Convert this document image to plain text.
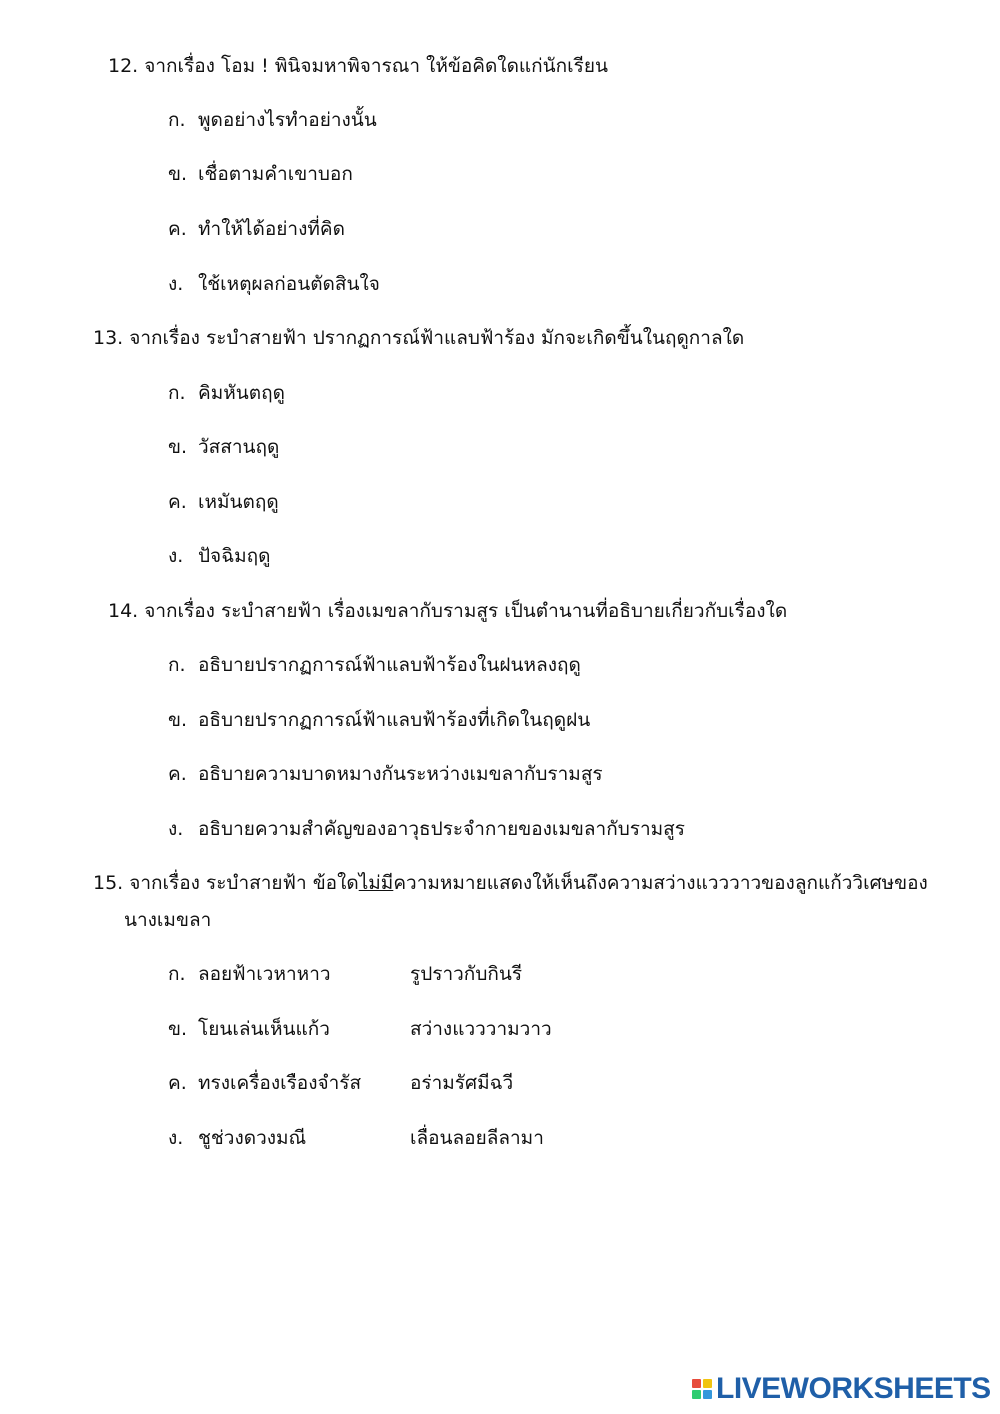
12. จากเรื่อง โอม ! พินิจมหาพิจารณา ให้ข้อคิดใดแก่นักเรียน
ก. พูดอย่างไรทำอย่างนั้น
ข. เชื่อตามคำเขาบอก
ค. ทำให้ได้อย่างที่คิด
ง. ใช้เหตุผลก่อนตัดสินใจ
13. จากเรื่อง ระบำสายฟ้า ปรากฏการณ์ฟ้าแลบฟ้าร้อง มักจะเกิดขึ้นในฤดูกาลใด
ก. คิมหันตฤดู
ข. วัสสานฤดู
ค. เหมันตฤดู
ง. ปัจฉิมฤดู
14. จากเรื่อง ระบำสายฟ้า เรื่องเมขลากับรามสูร เป็นตำนานที่อธิบายเกี่ยวกับเรื่องใด
ก. อธิบายปรากฏการณ์ฟ้าแลบฟ้าร้องในฝนหลงฤดู
ข. อธิบายปรากฏการณ์ฟ้าแลบฟ้าร้องที่เกิดในฤดูฝน
ค. อธิบายความบาดหมางกันระหว่างเมขลากับรามสูร
ง. อธิบายความสำคัญของอาวุธประจำกายของเมขลากับรามสูร
15. จากเรื่อง ระบำสายฟ้า ข้อใดไม่มีความหมายแสดงให้เห็นถึงความสว่างแวววาวของลูกแก้ววิเศษของ
นางเมขลา
ก. ลอยฟ้าเวหาหาว	รูปราวกับกินรี
ข. โยนเล่นเห็นแก้ว	สว่างแวววามวาว
ค. ทรงเครื่องเรืองจำรัส	อร่ามรัศมีฉวี
ง. ชูช่วงดวงมณี	เลื่อนลอยลีลามา
LIVEWORKSHEETS
